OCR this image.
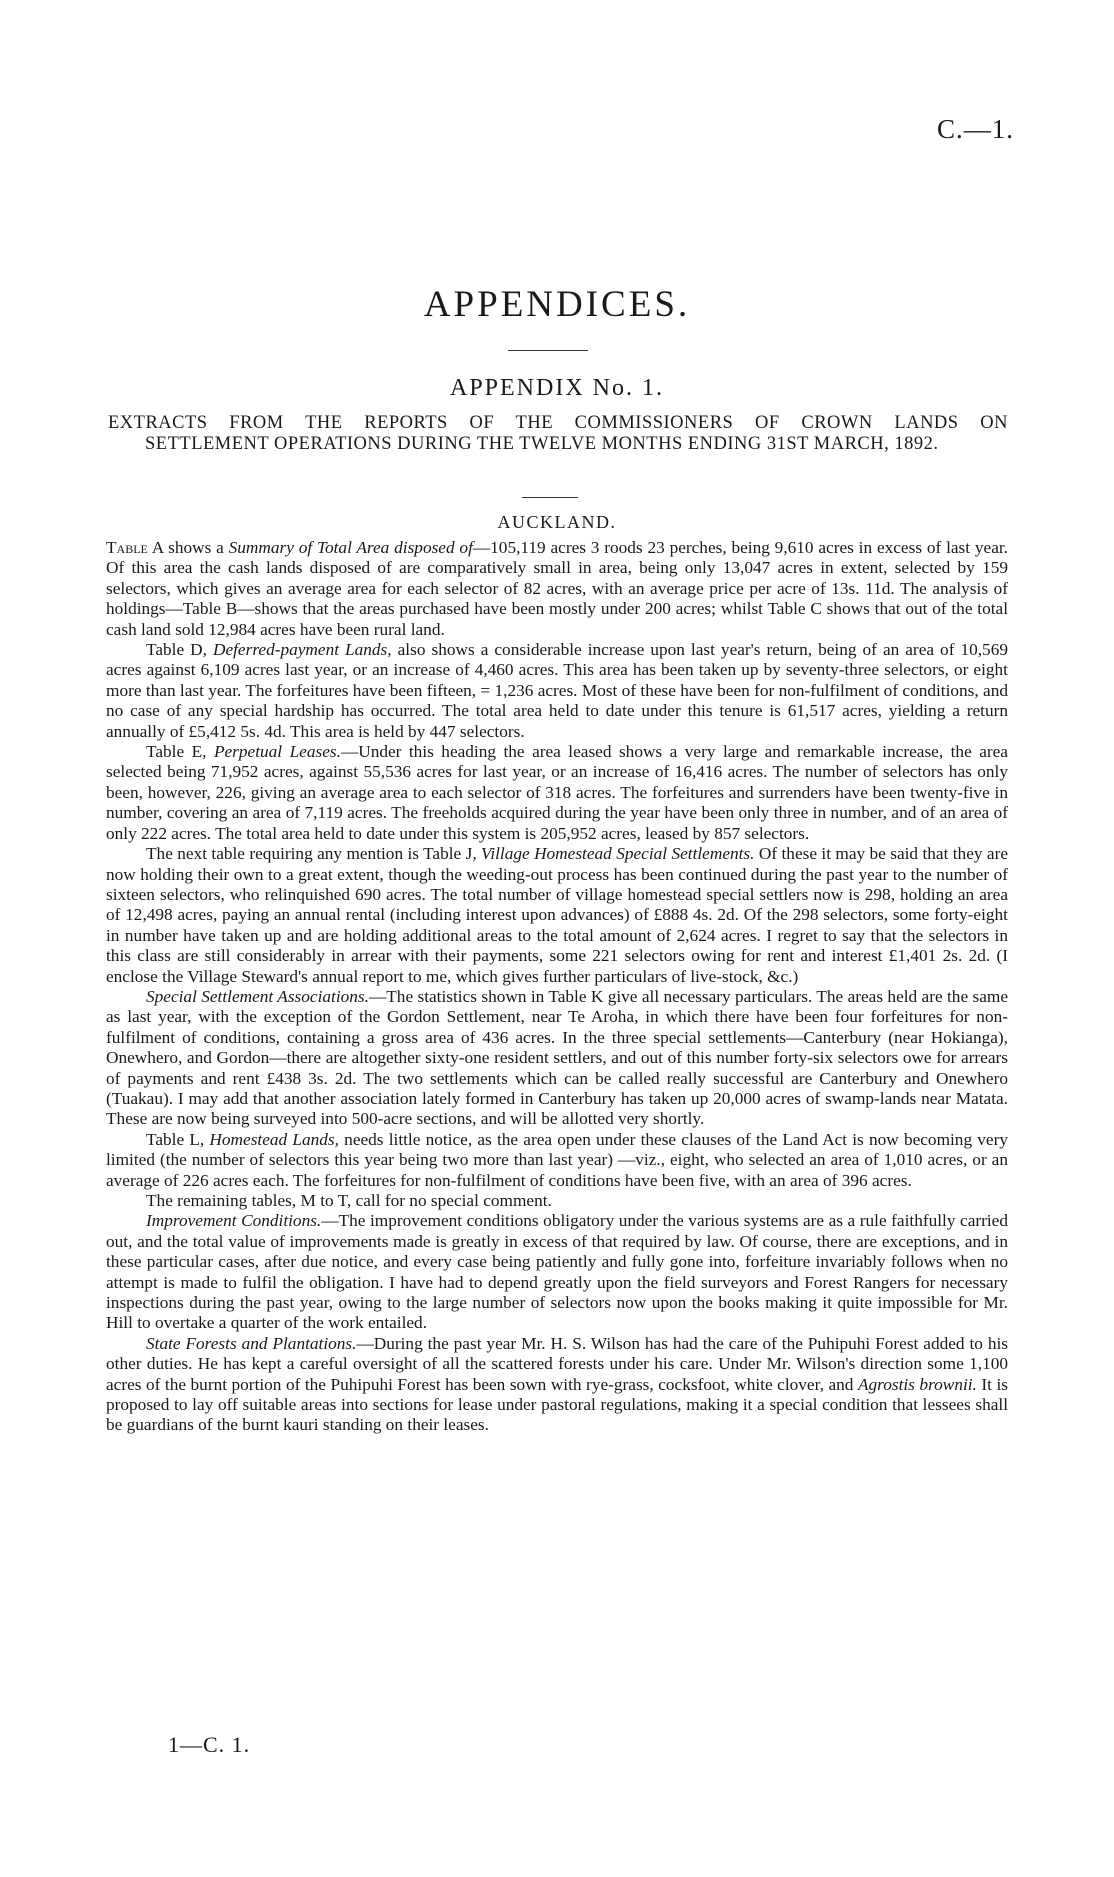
C.—1.
APPENDICES.
APPENDIX No. 1.
EXTRACTS FROM THE REPORTS OF THE COMMISSIONERS OF CROWN LANDS ON
SETTLEMENT OPERATIONS DURING THE TWELVE MONTHS ENDING 31ST MARCH, 1892.
AUCKLAND.

Table A shows a Summary of Total Area disposed of—105,119 acres 3 roods 23 perches, being 9,610 acres in excess of last year. Of this area the cash lands disposed of are comparatively small in area, being only 13,047 acres in extent, selected by 159 selectors, which gives an average area for each selector of 82 acres, with an average price per acre of 13s. 11d. The analysis of holdings—Table B—shows that the areas purchased have been mostly under 200 acres; whilst Table C shows that out of the total cash land sold 12,984 acres have been rural land.

Table D, Deferred-payment Lands, also shows a considerable increase upon last year's return, being of an area of 10,569 acres against 6,109 acres last year, or an increase of 4,460 acres. This area has been taken up by seventy-three selectors, or eight more than last year. The forfeitures have been fifteen, = 1,236 acres. Most of these have been for non-fulfilment of conditions, and no case of any special hardship has occurred. The total area held to date under this tenure is 61,517 acres, yielding a return annually of £5,412 5s. 4d. This area is held by 447 selectors.

Table E, Perpetual Leases.—Under this heading the area leased shows a very large and remarkable increase, the area selected being 71,952 acres, against 55,536 acres for last year, or an increase of 16,416 acres. The number of selectors has only been, however, 226, giving an average area to each selector of 318 acres. The forfeitures and surrenders have been twenty-five in number, covering an area of 7,119 acres. The freeholds acquired during the year have been only three in number, and of an area of only 222 acres. The total area held to date under this system is 205,952 acres, leased by 857 selectors.

The next table requiring any mention is Table J, Village Homestead Special Settlements. Of these it may be said that they are now holding their own to a great extent, though the weeding-out process has been continued during the past year to the number of sixteen selectors, who relinquished 690 acres. The total number of village homestead special settlers now is 298, holding an area of 12,498 acres, paying an annual rental (including interest upon advances) of £888 4s. 2d. Of the 298 selectors, some forty-eight in number have taken up and are holding additional areas to the total amount of 2,624 acres. I regret to say that the selectors in this class are still considerably in arrear with their payments, some 221 selectors owing for rent and interest £1,401 2s. 2d. (I enclose the Village Steward's annual report to me, which gives further particulars of live-stock, &c.)

Special Settlement Associations.—The statistics shown in Table K give all necessary particulars. The areas held are the same as last year, with the exception of the Gordon Settlement, near Te Aroha, in which there have been four forfeitures for non-fulfilment of conditions, containing a gross area of 436 acres. In the three special settlements—Canterbury (near Hokianga), Onewhero, and Gordon—there are altogether sixty-one resident settlers, and out of this number forty-six selectors owe for arrears of payments and rent £438 3s. 2d. The two settlements which can be called really successful are Canterbury and Onewhero (Tuakau). I may add that another association lately formed in Canterbury has taken up 20,000 acres of swamp-lands near Matata. These are now being surveyed into 500-acre sections, and will be allotted very shortly.

Table L, Homestead Lands, needs little notice, as the area open under these clauses of the Land Act is now becoming very limited (the number of selectors this year being two more than last year) —viz., eight, who selected an area of 1,010 acres, or an average of 226 acres each. The forfeitures for non-fulfilment of conditions have been five, with an area of 396 acres.

The remaining tables, M to T, call for no special comment.

Improvement Conditions.—The improvement conditions obligatory under the various systems are as a rule faithfully carried out, and the total value of improvements made is greatly in excess of that required by law. Of course, there are exceptions, and in these particular cases, after due notice, and every case being patiently and fully gone into, forfeiture invariably follows when no attempt is made to fulfil the obligation. I have had to depend greatly upon the field surveyors and Forest Rangers for necessary inspections during the past year, owing to the large number of selectors now upon the books making it quite impossible for Mr. Hill to overtake a quarter of the work entailed.

State Forests and Plantations.—During the past year Mr. H. S. Wilson has had the care of the Puhipuhi Forest added to his other duties. He has kept a careful oversight of all the scattered forests under his care. Under Mr. Wilson's direction some 1,100 acres of the burnt portion of the Puhipuhi Forest has been sown with rye-grass, cocksfoot, white clover, and Agrostis brownii. It is proposed to lay off suitable areas into sections for lease under pastoral regulations, making it a special condition that lessees shall be guardians of the burnt kauri standing on their leases.

1—C. 1.
